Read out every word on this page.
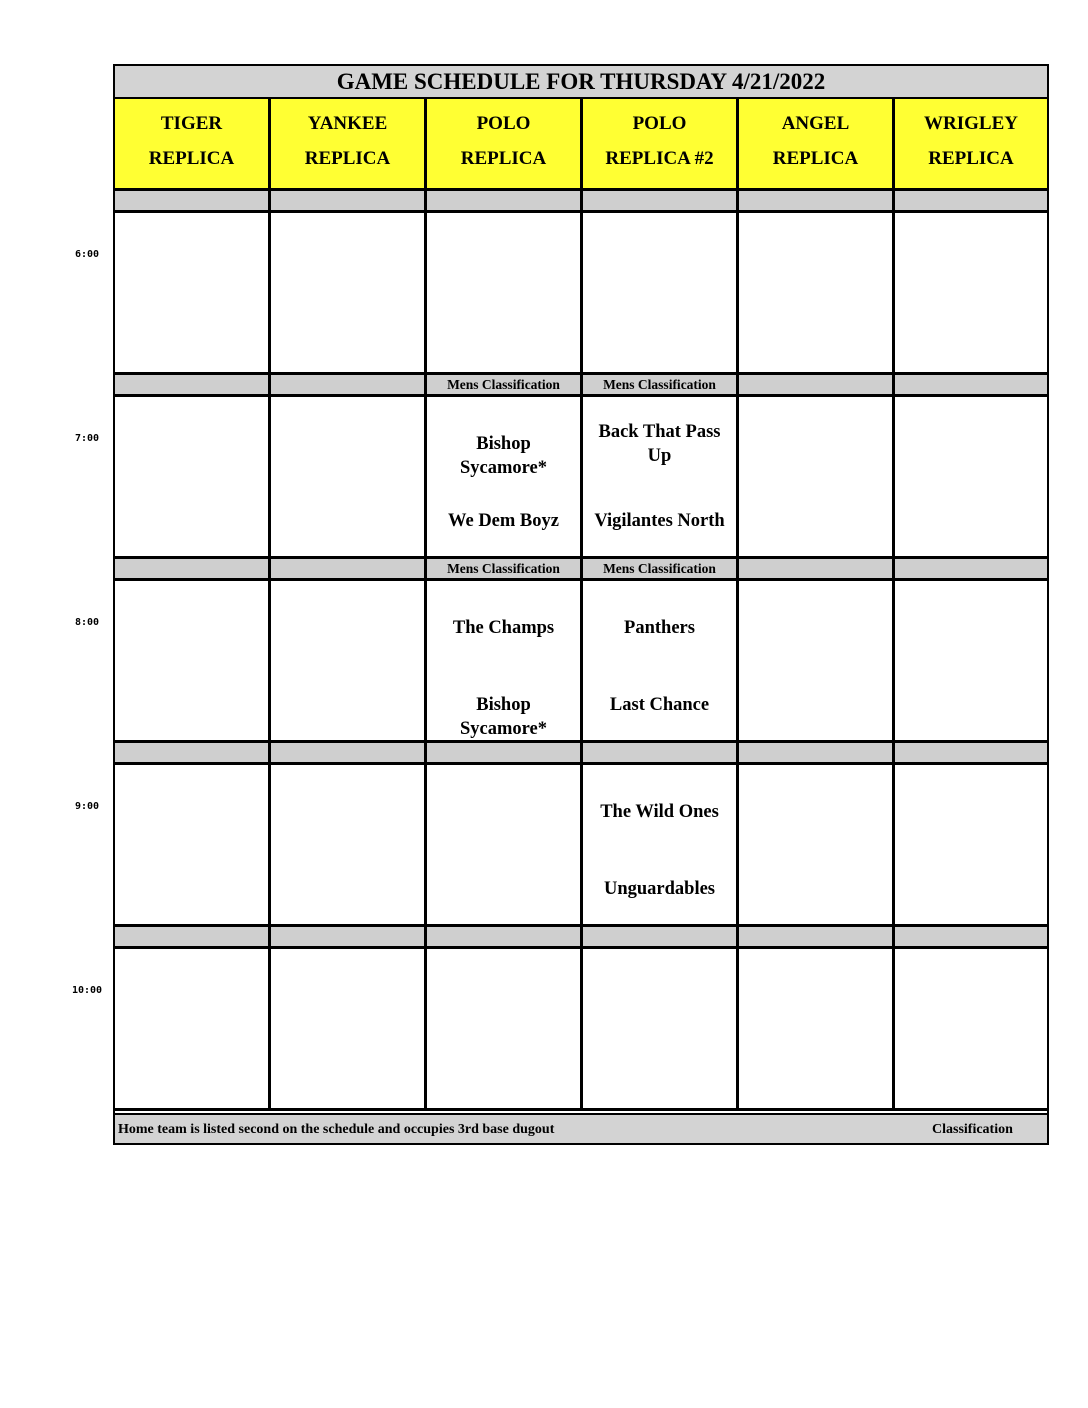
GAME SCHEDULE FOR THURSDAY 4/21/2022
TIGER
REPLICA
YANKEE
REPLICA
POLO
REPLICA
POLO
REPLICA #2
ANGEL
REPLICA
WRIGLEY
REPLICA
Mens Classification
Bishop Sycamore*
We Dem Boyz
Mens Classification
Back That Pass Up
Vigilantes North
Mens Classification
The Champs
Bishop Sycamore*
Mens Classification
Panthers
Last Chance
The Wild Ones
Unguardables
Home team is listed second on the schedule and occupies 3rd base dugout	Classification
6:00
7:00
8:00
9:00
10:00
